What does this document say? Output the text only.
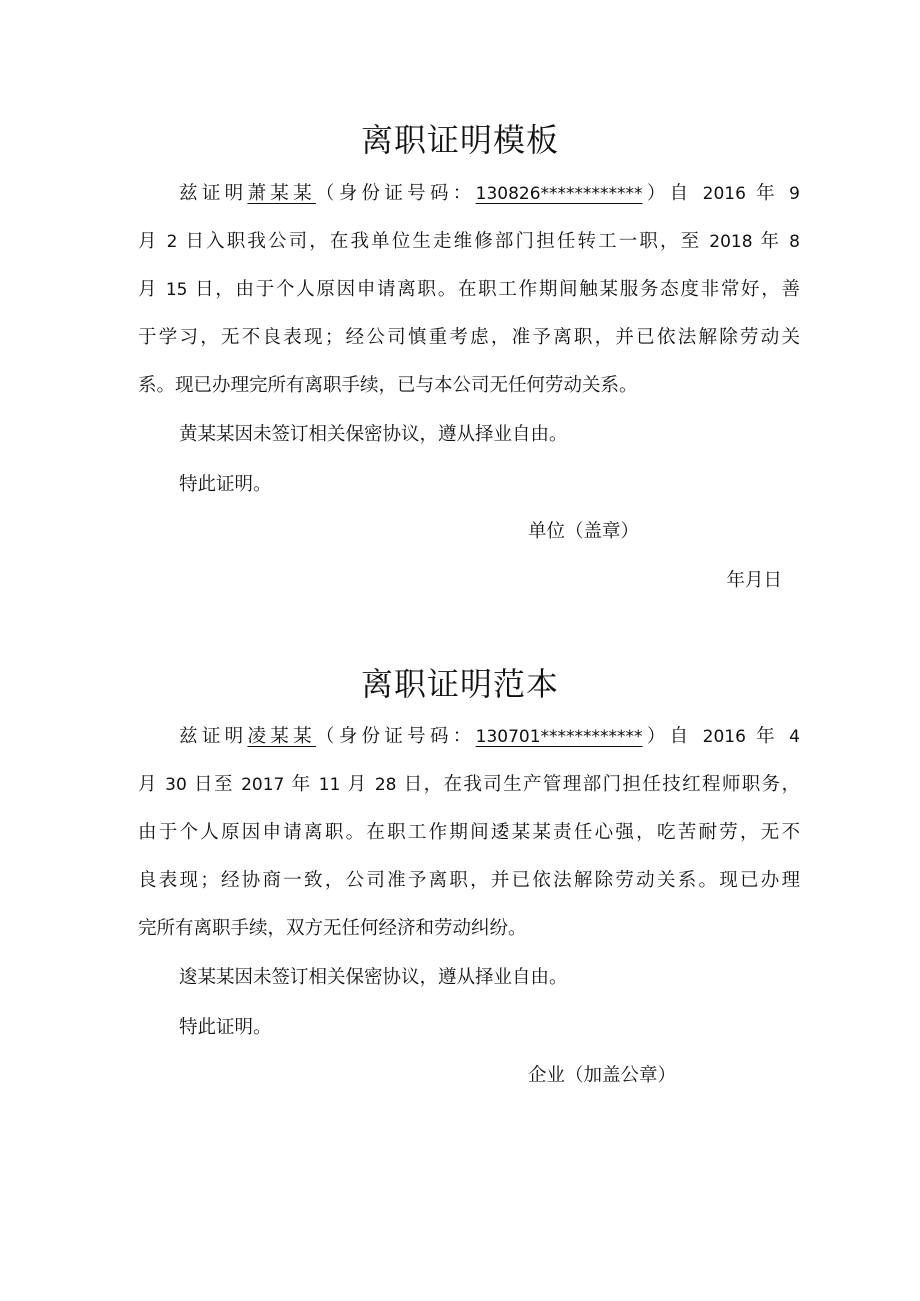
离职证明模板
兹证明萧某某（身份证号码：130826************）自 2016 年 9
月 2 日入职我公司，在我单位生走维修部门担任转工一职，至 2018 年 8
月 15 日，由于个人原因申请离职。在职工作期间触某服务态度非常好，善
于学习，无不良表现；经公司慎重考虑，准予离职，并已依法解除劳动关
系。现已办理完所有离职手续，已与本公司无任何劳动关系。
黄某某因未签订相关保密协议，遵从择业自由。
特此证明。
单位（盖章）
年月日
离职证明范本
兹证明凌某某（身份证号码：130701************）自 2016 年 4
月 30 日至 2017 年 11 月 28 日，在我司生产管理部门担任技红程师职务，
由于个人原因申请离职。在职工作期间逶某某责任心强，吃苦耐劳，无不
良表现；经协商一致，公司准予离职，并已依法解除劳动关系。现已办理
完所有离职手续，双方无任何经济和劳动纠纷。
逡某某因未签订相关保密协议，遵从择业自由。
特此证明。
企业（加盖公章）
